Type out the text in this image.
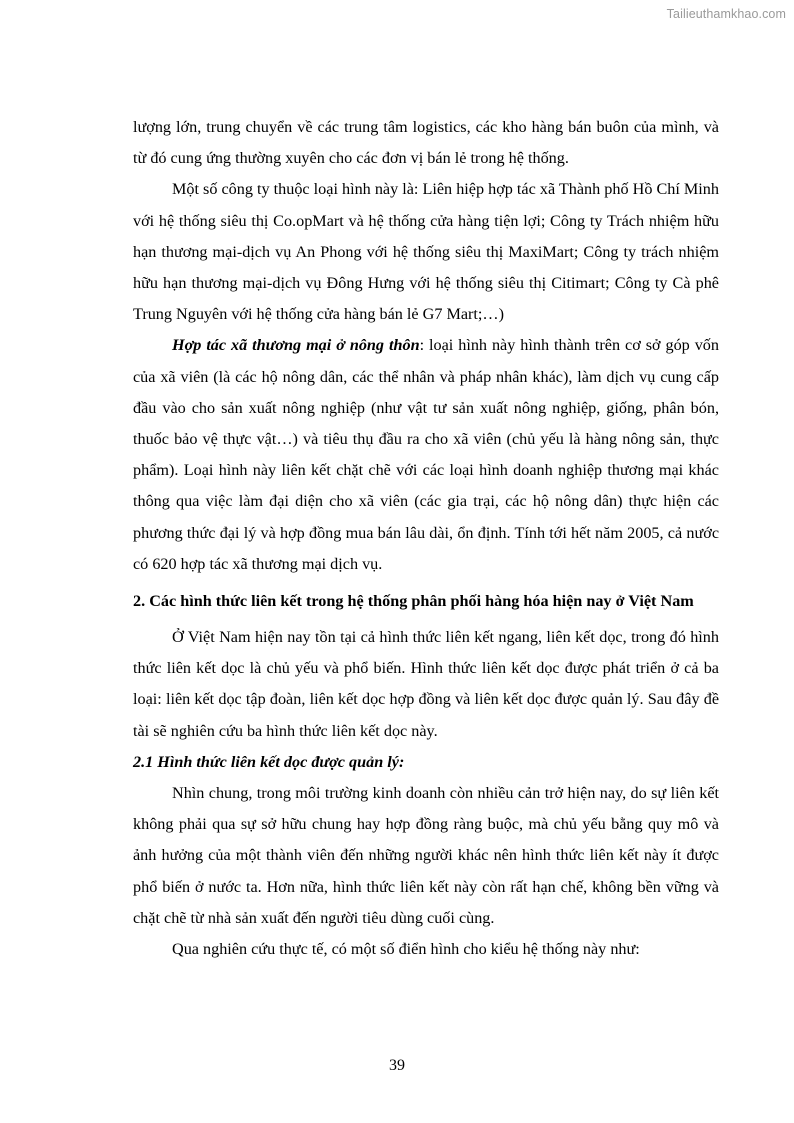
Tailieuthamkhao.com

lượng lớn, trung chuyển về các trung tâm logistics, các kho hàng bán buôn của mình, và từ đó cung ứng thường xuyên cho các đơn vị bán lẻ trong hệ thống.

Một số công ty thuộc loại hình này là: Liên hiệp hợp tác xã Thành phố Hồ Chí Minh với hệ thống siêu thị Co.opMart và hệ thống cửa hàng tiện lợi; Công ty Trách nhiệm hữu hạn thương mại-dịch vụ An Phong với hệ thống siêu thị MaxiMart; Công ty trách nhiệm hữu hạn thương mại-dịch vụ Đông Hưng với hệ thống siêu thị Citimart; Công ty Cà phê Trung Nguyên với hệ thống cửa hàng bán lẻ G7 Mart;…)

Hợp tác xã thương mại ở nông thôn: loại hình này hình thành trên cơ sở góp vốn của xã viên (là các hộ nông dân, các thể nhân và pháp nhân khác), làm dịch vụ cung cấp đầu vào cho sản xuất nông nghiệp (như vật tư sản xuất nông nghiệp, giống, phân bón, thuốc bảo vệ thực vật…) và tiêu thụ đầu ra cho xã viên (chủ yếu là hàng nông sản, thực phẩm). Loại hình này liên kết chặt chẽ với các loại hình doanh nghiệp thương mại khác thông qua việc làm đại diện cho xã viên (các gia trại, các hộ nông dân) thực hiện các phương thức đại lý và hợp đồng mua bán lâu dài, ổn định. Tính tới hết năm 2005, cả nước có 620 hợp tác xã thương mại dịch vụ.

2. Các hình thức liên kết trong hệ thống phân phối hàng hóa hiện nay ở Việt Nam

Ở Việt Nam hiện nay tồn tại cả hình thức liên kết ngang, liên kết dọc, trong đó hình thức liên kết dọc là chủ yếu và phổ biến. Hình thức liên kết dọc được phát triển ở cả ba loại: liên kết dọc tập đoàn, liên kết dọc hợp đồng và liên kết dọc được quản lý. Sau đây đề tài sẽ nghiên cứu ba hình thức liên kết dọc này.

2.1 Hình thức liên kết dọc được quản lý:

Nhìn chung, trong môi trường kinh doanh còn nhiều cản trở hiện nay, do sự liên kết không phải qua sự sở hữu chung hay hợp đồng ràng buộc, mà chủ yếu bằng quy mô và ảnh hưởng của một thành viên đến những người khác nên hình thức liên kết này ít được phổ biến ở nước ta. Hơn nữa, hình thức liên kết này còn rất hạn chế, không bền vững và chặt chẽ từ nhà sản xuất đến người tiêu dùng cuối cùng.

Qua nghiên cứu thực tế, có một số điển hình cho kiểu hệ thống này như:

39
